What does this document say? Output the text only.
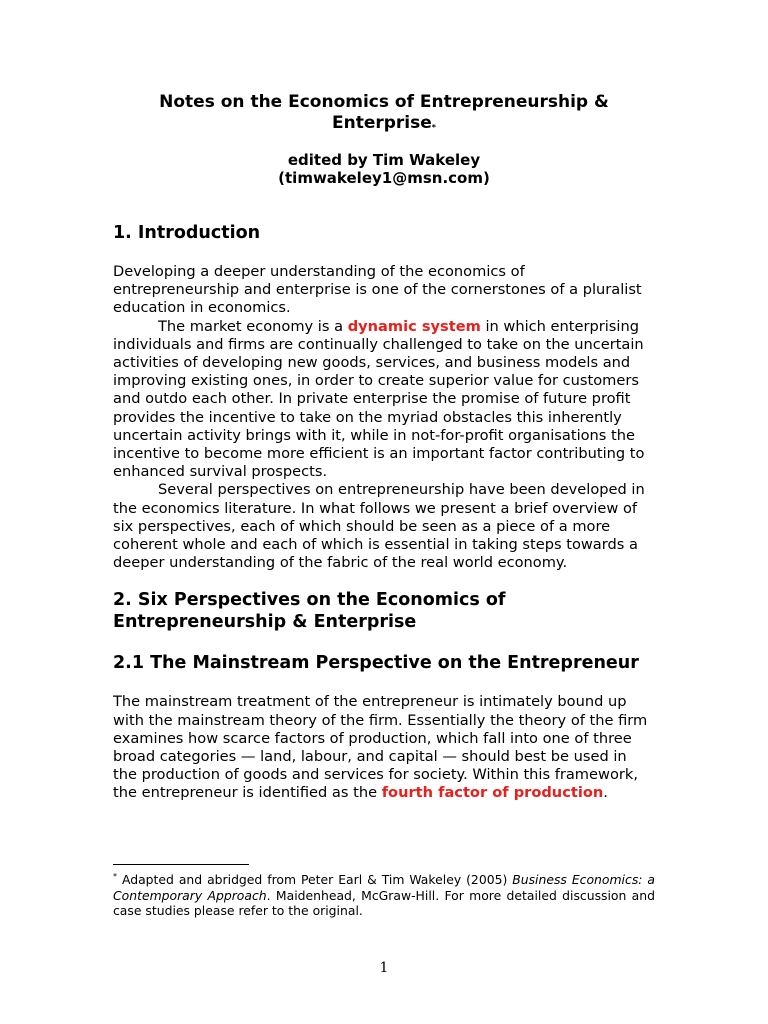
Notes on the Economics of Entrepreneurship & Enterprise*

edited by Tim Wakeley

(timwakeley1@msn.com)

1. Introduction

Developing a deeper understanding of the economics of entrepreneurship and enterprise is one of the cornerstones of a pluralist education in economics.

The market economy is a dynamic system in which enterprising individuals and firms are continually challenged to take on the uncertain activities of developing new goods, services, and business models and improving existing ones, in order to create superior value for customers and outdo each other. In private enterprise the promise of future profit provides the incentive to take on the myriad obstacles this inherently uncertain activity brings with it, while in not-for-profit organisations the incentive to become more efficient is an important factor contributing to enhanced survival prospects.

Several perspectives on entrepreneurship have been developed in the economics literature. In what follows we present a brief overview of six perspectives, each of which should be seen as a piece of a more coherent whole and each of which is essential in taking steps towards a deeper understanding of the fabric of the real world economy.

2. Six Perspectives on the Economics of Entrepreneurship & Enterprise
2.1 The Mainstream Perspective on the Entrepreneur

The mainstream treatment of the entrepreneur is intimately bound up with the mainstream theory of the firm. Essentially the theory of the firm examines how scarce factors of production, which fall into one of three broad categories — land, labour, and capital — should best be used in the production of goods and services for society. Within this framework, the entrepreneur is identified as the fourth factor of production.

* Adapted and abridged from Peter Earl & Tim Wakeley (2005) Business Economics: a Contemporary Approach. Maidenhead, McGraw-Hill. For more detailed discussion and case studies please refer to the original.
1
